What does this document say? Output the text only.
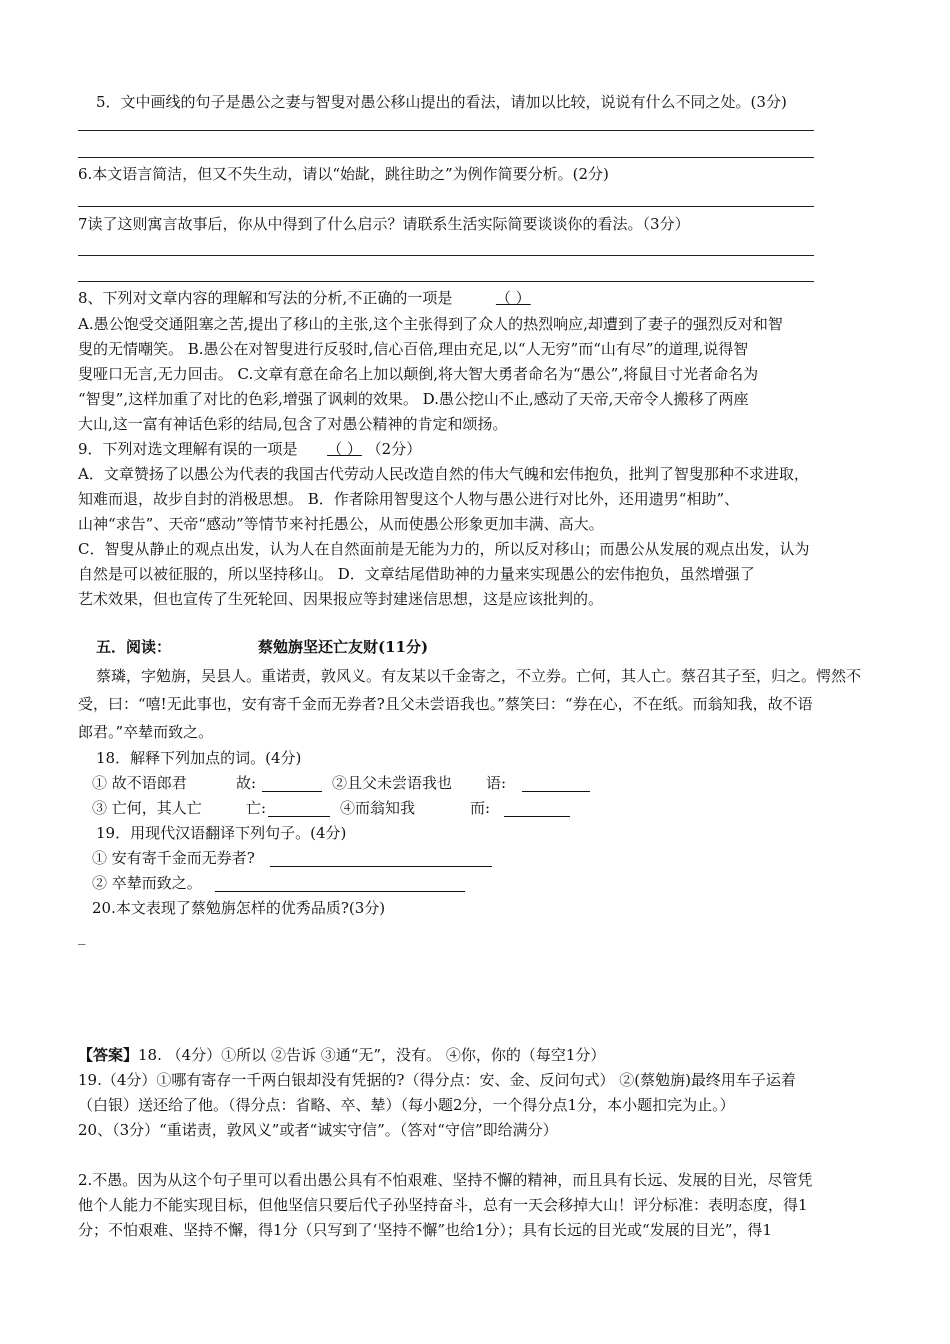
5．文中画线的句子是愚公之妻与智叟对愚公移山提出的看法，请加以比较，说说有什么不同之处。(3分)
6.本文语言简洁，但又不失生动，请以“始龀，跳往助之”为例作简要分析。(2分)
7读了这则寓言故事后，你从中得到了什么启示？请联系生活实际简要谈谈你的看法。（3分）
8、下列对文章内容的理解和写法的分析,不正确的一项是	（ ）
A.愚公饱受交通阻塞之苦,提出了移山的主张,这个主张得到了众人的热烈响应,却遭到了妻子的强烈反对和智
叟的无情嘲笑。 B.愚公在对智叟进行反驳时,信心百倍,理由充足,以“人无穷”而“山有尽”的道理,说得智
叟哑口无言,无力回击。 C.文章有意在命名上加以颠倒,将大智大勇者命名为“愚公”,将鼠目寸光者命名为
“智叟”,这样加重了对比的色彩,增强了讽刺的效果。 D.愚公挖山不止,感动了天帝,天帝令人搬移了两座
大山,这一富有神话色彩的结局,包含了对愚公精神的肯定和颂扬。
9．下列对选文理解有误的一项是 （ ） （2分）
A．文章赞扬了以愚公为代表的我国古代劳动人民改造自然的伟大气魄和宏伟抱负，批判了智叟那种不求进取，
知难而退，故步自封的消极思想。 B．作者除用智叟这个人物与愚公进行对比外，还用遗男“相助”、
山神“求告”、天帝“感动”等情节来衬托愚公，从而使愚公形象更加丰满、高大。
C．智叟从静止的观点出发，认为人在自然面前是无能为力的，所以反对移山；而愚公从发展的观点出发，认为
自然是可以被征服的，所以坚持移山。 D．文章结尾借助神的力量来实现愚公的宏伟抱负，虽然增强了
艺术效果，但也宣传了生死轮回、因果报应等封建迷信思想，这是应该批判的。
五．阅读：	蔡勉旃坚还亡友财(11分)
蔡璘，字勉旃，吴县人。重诺责，敦风义。有友某以千金寄之，不立券。亡何，其人亡。蔡召其子至，归之。愕然不
受，曰：“嘻!无此事也，安有寄千金而无券者?且父未尝语我也。”蔡笑曰：“券在心，不在纸。而翁知我，故不语
郎君。”卒辇而致之。
18．解释下列加点的词。(4分)
① 故不语郎君	故:	②且父未尝语我也 语:
③ 亡何，其人亡	亡:	④而翁知我	而:
19．用现代汉语翻译下列句子。(4分)
① 安有寄千金而无券者?
② 卒辇而致之。
20.本文表现了蔡勉旃怎样的优秀品质?(3分)
_
【答案】18. （4分）①所以 ②告诉 ③通“无”，没有。 ④你，你的（每空1分）
19.（4分）①哪有寄存一千两白银却没有凭据的?（得分点：安、金、反问句式） ②(蔡勉旃)最终用车子运着
（白银）送还给了他。（得分点：省略、卒、辇）（每小题2分，一个得分点1分，本小题扣完为止。）
20、（3分）“重诺责，敦风义”或者“诚实守信”。（答对“守信”即给满分）
2.不愚。因为从这个句子里可以看出愚公具有不怕艰难、坚持不懈的精神，而且具有长远、发展的目光，尽管凭
他个人能力不能实现目标，但他坚信只要后代子孙坚持奋斗，总有一天会移掉大山！评分标准：表明态度，得1
分；不怕艰难、坚持不懈，得1分（只写到了‘坚持不懈”也给1分）；具有长远的目光或“发展的目光”，得1
